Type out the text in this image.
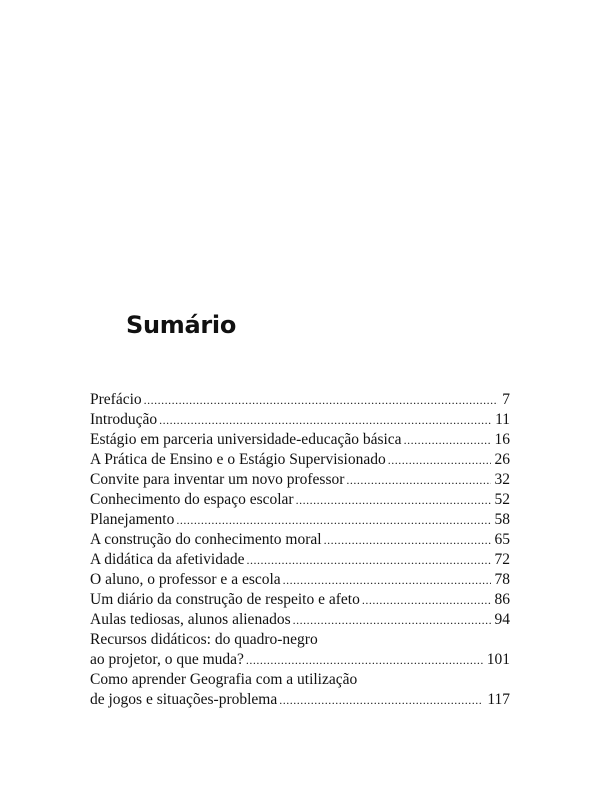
Sumário
Prefácio .....	7
Introdução .....	11
Estágio em parceria universidade-educação básica .....	16
A Prática de Ensino e o Estágio Supervisionado .....	26
Convite para inventar um novo professor .....	32
Conhecimento do espaço escolar .....	52
Planejamento .....	58
A construção do conhecimento moral .....	65
A didática da afetividade .....	72
O aluno, o professor e a escola .....	78
Um diário da construção de respeito e afeto .....	86
Aulas tediosas, alunos alienados .....	94
Recursos didáticos: do quadro-negro
ao projetor, o que muda? .....	101
Como aprender Geografia com a utilização
de jogos e situações-problema .....	117
